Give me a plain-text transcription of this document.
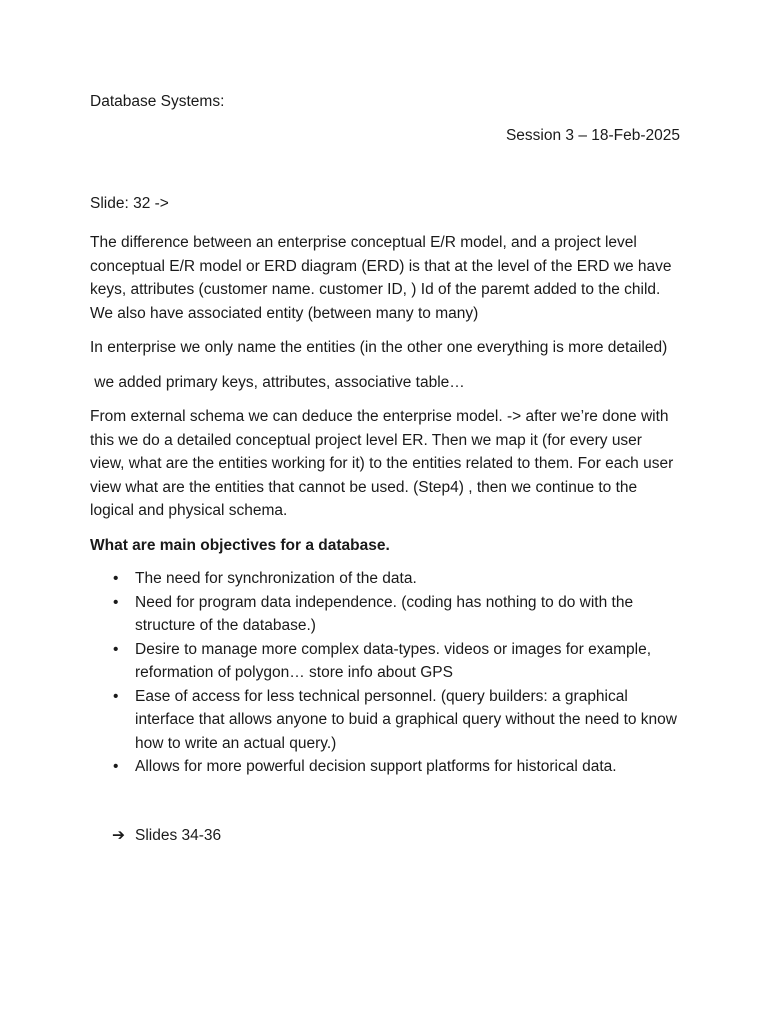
Database Systems:

Session 3 – 18-Feb-2025

Slide: 32 ->

The difference between an enterprise conceptual E/R model, and a project level conceptual E/R model or ERD diagram (ERD) is that at the level of the ERD we have keys, attributes (customer name. customer ID, ) Id of the paremt added to the child. We also have associated entity (between many to many)

In enterprise we only name the entities (in the other one everything is more detailed)

we added primary keys, attributes, associative table…

From external schema we can deduce the enterprise model. -> after we’re done with this we do a detailed conceptual project level ER. Then we map it (for every user view, what are the entities working for it) to the entities related to them. For each user view what are the entities that cannot be used. (Step4) , then we continue to the logical and physical schema.

What are main objectives for a database.

• The need for synchronization of the data.
• Need for program data independence. (coding has nothing to do with the structure of the database.)
• Desire to manage more complex data-types. videos or images for example, reformation of polygon… store info about GPS
• Ease of access for less technical personnel. (query builders: a graphical interface that allows anyone to buid a graphical query without the need to know how to write an actual query.)
• Allows for more powerful decision support platforms for historical data.
➔ Slides 34-36
